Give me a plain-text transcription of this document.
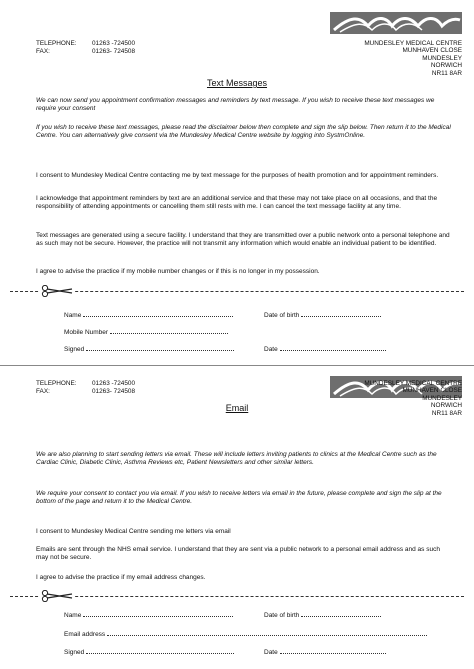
TELEPHONE: 01263 -724500
FAX:	01263- 724508
MUNDESLEY MEDICAL CENTRE
MUNHAVEN CLOSE
MUNDESLEY
NORWICH
NR11 8AR
Text Messages
We can now send you appointment confirmation messages and reminders by text message. If you wish to receive these text messages we require your consent
If you wish to receive these text messages, please read the disclaimer below then complete and sign the slip below. Then return it to the Medical Centre. You can alternatively give consent via the Mundesley Medical Centre website by logging into SystmOnline.
I consent to Mundesley Medical Centre contacting me by text message for the purposes of health promotion and for appointment reminders.
I acknowledge that appointment reminders by text are an additional service and that these may not take place on all occasions, and that the responsibility of attending appointments or cancelling them still rests with me. I can cancel the text message facility at any time.
Text messages are generated using a secure facility. I understand that they are transmitted over a public network onto a personal telephone and as such may not be secure. However, the practice will not transmit any information which would enable an individual patient to be identified.
I agree to advise the practice if my mobile number changes or if this is no longer in my possession.
Name	Date of birth
Mobile Number
Signed	Date
TELEPHONE: 01263 -724500
FAX:	01263- 724508
MUNDESLEY MEDICAL CENTRE
MUNHAVEN CLOSE
MUNDESLEY
NORWICH
NR11 8AR
Email
We are also planning to start sending letters via email. These will include letters inviting patients to clinics at the Medical Centre such as the Cardiac Clinic, Diabetic Clinic, Asthma Reviews etc, Patient Newsletters and other similar letters.
We require your consent to contact you via email. If you wish to receive letters via email in the future, please complete and sign the slip at the bottom of the page and return it to the Medical Centre.
I consent to Mundesley Medical Centre sending me letters via email
Emails are sent through the NHS email service. I understand that they are sent via a public network to a personal email address and as such may not be secure.
I agree to advise the practice if my email address changes.
Name	Date of birth
Email address
Signed	Date
